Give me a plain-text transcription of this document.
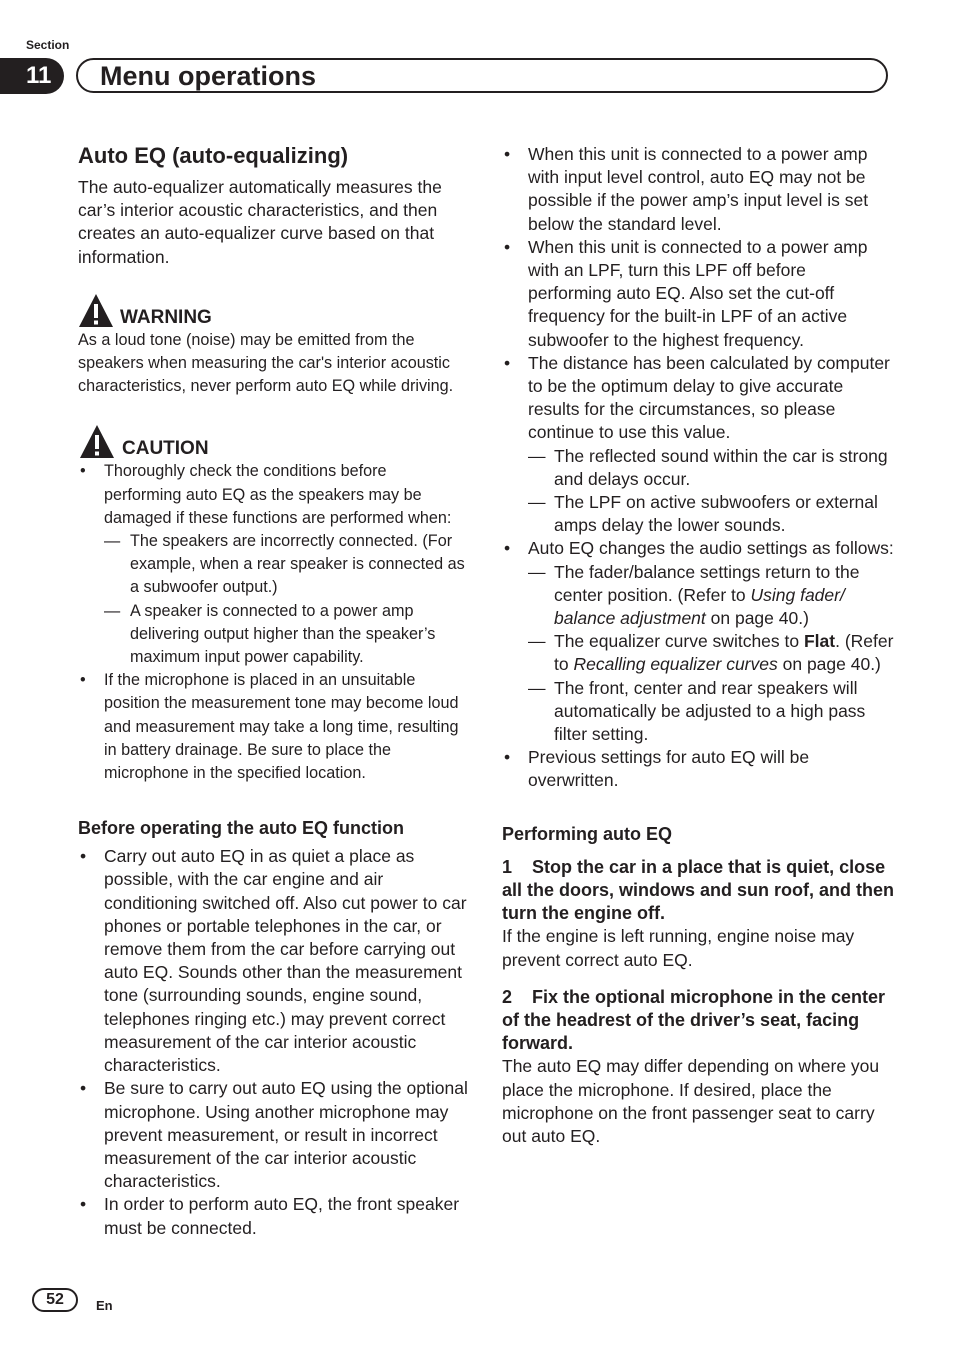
Section
11	Menu operations
Auto EQ (auto-equalizing)

The auto-equalizer automatically measures the car’s interior acoustic characteristics, and then creates an auto-equalizer curve based on that information.

WARNING

As a loud tone (noise) may be emitted from the speakers when measuring the car's interior acoustic characteristics, never perform auto EQ while driving.

CAUTION
• Thoroughly check the conditions before performing auto EQ as the speakers may be damaged if these functions are performed when:
— The speakers are incorrectly connected. (For example, when a rear speaker is connected as a subwoofer output.)
— A speaker is connected to a power amp delivering output higher than the speaker’s maximum input power capability.
• If the microphone is placed in an unsuitable position the measurement tone may become loud and measurement may take a long time, resulting in battery drainage. Be sure to place the microphone in the specified location.
Before operating the auto EQ function
• Carry out auto EQ in as quiet a place as possible, with the car engine and air conditioning switched off. Also cut power to car phones or portable telephones in the car, or remove them from the car before carrying out auto EQ. Sounds other than the measurement tone (surrounding sounds, engine sound, telephones ringing etc.) may prevent correct measurement of the car interior acoustic characteristics.
• Be sure to carry out auto EQ using the optional microphone. Using another microphone may prevent measurement, or result in incorrect measurement of the car interior acoustic characteristics.
• In order to perform auto EQ, the front speaker must be connected.
• When this unit is connected to a power amp with input level control, auto EQ may not be possible if the power amp’s input level is set below the standard level.
• When this unit is connected to a power amp with an LPF, turn this LPF off before performing auto EQ. Also set the cut-off frequency for the built-in LPF of an active subwoofer to the highest frequency.
• The distance has been calculated by computer to be the optimum delay to give accurate results for the circumstances, so please continue to use this value.
— The reflected sound within the car is strong and delays occur.
— The LPF on active subwoofers or external amps delay the lower sounds.
• Auto EQ changes the audio settings as follows:
— The fader/balance settings return to the center position. (Refer to Using fader/ balance adjustment on page 40.)
— The equalizer curve switches to Flat. (Refer to Recalling equalizer curves on page 40.)
— The front, center and rear speakers will automatically be adjusted to a high pass filter setting.
• Previous settings for auto EQ will be overwritten.
Performing auto EQ

1 Stop the car in a place that is quiet, close all the doors, windows and sun roof, and then turn the engine off.

If the engine is left running, engine noise may prevent correct auto EQ.

2 Fix the optional microphone in the center of the headrest of the driver’s seat, facing forward.

The auto EQ may differ depending on where you place the microphone. If desired, place the microphone on the front passenger seat to carry out auto EQ.

52	En
